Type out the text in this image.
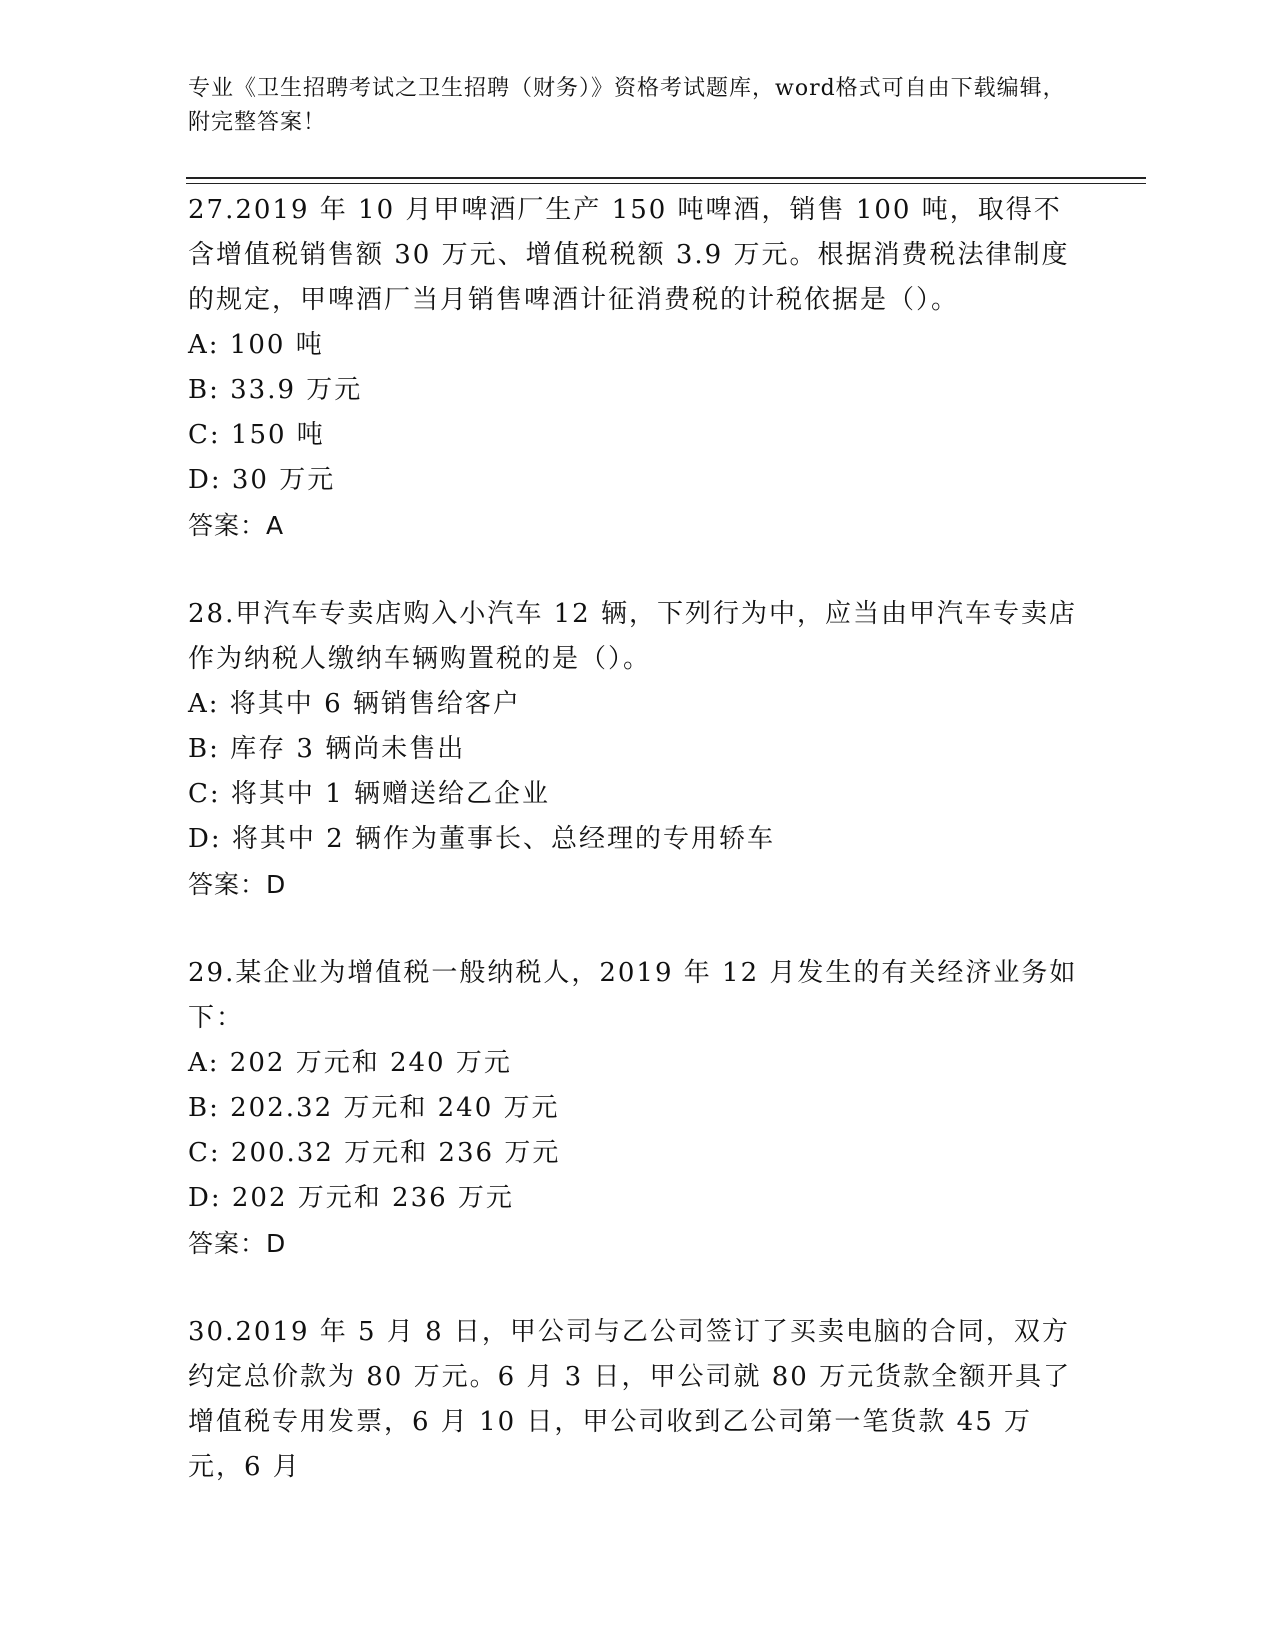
专业《卫生招聘考试之卫生招聘（财务）》资格考试题库，word格式可自由下载编辑，附完整答案！

27.2019 年 10 月甲啤酒厂生产 150 吨啤酒，销售 100 吨，取得不含增值税销售额 30 万元、增值税税额 3.9 万元。根据消费税法律制度的规定，甲啤酒厂当月销售啤酒计征消费税的计税依据是（）。

A: 100 吨

B: 33.9 万元

C: 150 吨

D: 30 万元

答案：A

28.甲汽车专卖店购入小汽车 12 辆，下列行为中，应当由甲汽车专卖店作为纳税人缴纳车辆购置税的是（）。

A: 将其中 6 辆销售给客户

B: 库存 3 辆尚未售出

C: 将其中 1 辆赠送给乙企业

D: 将其中 2 辆作为董事长、总经理的专用轿车

答案：D

29.某企业为增值税一般纳税人，2019 年 12 月发生的有关经济业务如下：

A: 202 万元和 240 万元

B: 202.32 万元和 240 万元

C: 200.32 万元和 236 万元

D: 202 万元和 236 万元

答案：D

30.2019 年 5 月 8 日，甲公司与乙公司签订了买卖电脑的合同，双方约定总价款为 80 万元。6 月 3 日，甲公司就 80 万元货款全额开具了增值税专用发票，6 月 10 日，甲公司收到乙公司第一笔货款 45 万元，6 月
